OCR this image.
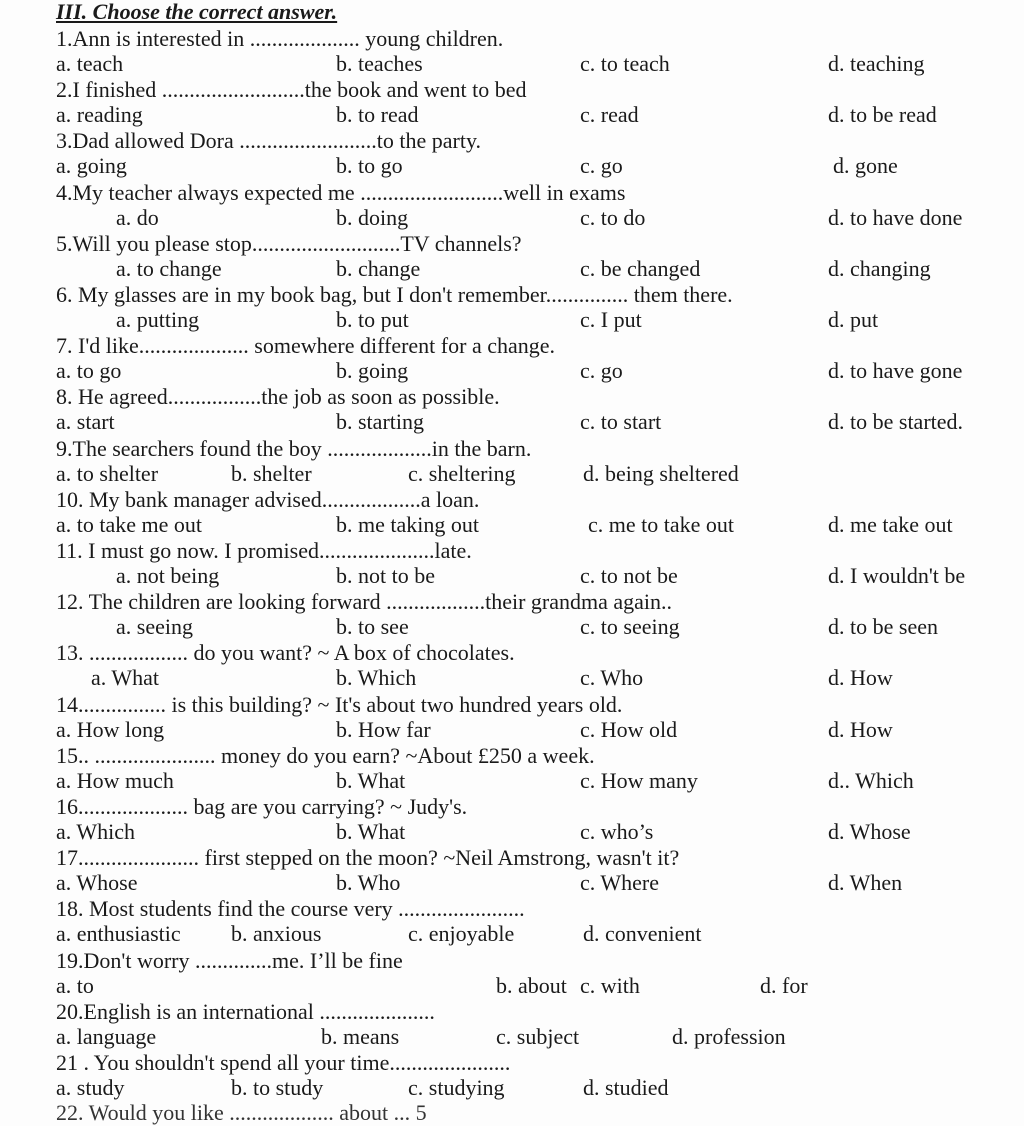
III. Choose the correct answer.
1.Ann is interested in .................... young children.
a. teach	b. teaches	c. to teach	d. teaching
2.I finished ..........................the book and went to bed
a. reading	b. to read	c. read	d. to be read
3.Dad allowed Dora .........................to the party.
a. going	b. to go	c. go	d. gone
4.My teacher always expected me ..........................well in exams
a. do	b. doing	c. to do	d. to have done
5.Will you please stop...........................TV channels?
a. to change	b. change	c. be changed	d. changing
6. My glasses are in my book bag, but I don't remember............... them there.
a. putting	b. to put	c. I put	d. put
7. I'd like.................... somewhere different for a change.
a. to go	b. going	c. go	d. to have gone
8. He agreed.................the job as soon as possible.
a. start	b. starting	c. to start	d. to be started.
9.The searchers found the boy ...................in the barn.
a. to shelter	b. shelter	c. sheltering	d. being sheltered
10. My bank manager advised..................a loan.
a. to take me out	b. me taking out	c. me to take out	d. me take out
11. I must go now. I promised.....................late.
a. not being	b. not to be	c. to not be	d. I wouldn't be
12. The children are looking forward ..................their grandma again..
a. seeing	b. to see	c. to seeing	d. to be seen
13. .................. do you want? ~ A box of chocolates.
a. What	b. Which	c. Who	d. How
14................ is this building? ~ It's about two hundred years old.
a. How long	b. How far	c. How old	d. How
15.. ...................... money do you earn? ~About £250 a week.
a. How much	b. What	c. How many	d.. Which
16.................... bag are you carrying? ~ Judy's.
a. Which	b. What	c. who’s	d. Whose
17...................... first stepped on the moon? ~Neil Amstrong, wasn't it?
a. Whose	b. Who	c. Where	d. When
18. Most students find the course very .......................
a. enthusiastic b. anxious	c. enjoyable	d. convenient
19.Don't worry ..............me. I’ll be fine
a. to	b. about c. with	d. for
20.English is an international .....................
a. language	b. means	c. subject	d. profession
21 . You shouldn't spend all your time......................
a. study	b. to study	c. studying	d. studied
22. Would you like ................... about ... 5
